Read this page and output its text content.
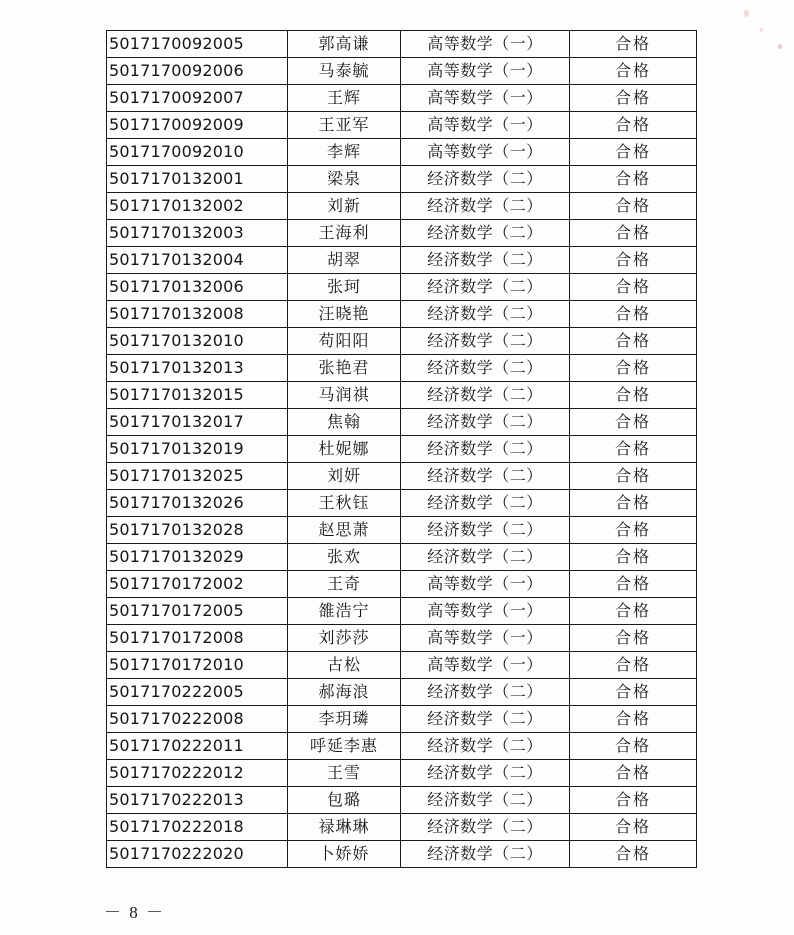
5017170092005	郭高谦	高等数学（一）	合格
5017170092006	马泰毓	高等数学（一）	合格
5017170092007	王辉	高等数学（一）	合格
5017170092009	王亚军	高等数学（一）	合格
5017170092010	李辉	高等数学（一）	合格
5017170132001	梁泉	经济数学（二）	合格
5017170132002	刘新	经济数学（二）	合格
5017170132003	王海利	经济数学（二）	合格
5017170132004	胡翠	经济数学（二）	合格
5017170132006	张珂	经济数学（二）	合格
5017170132008	汪晓艳	经济数学（二）	合格
5017170132010	苟阳阳	经济数学（二）	合格
5017170132013	张艳君	经济数学（二）	合格
5017170132015	马润祺	经济数学（二）	合格
5017170132017	焦翰	经济数学（二）	合格
5017170132019	杜妮娜	经济数学（二）	合格
5017170132025	刘妍	经济数学（二）	合格
5017170132026	王秋钰	经济数学（二）	合格
5017170132028	赵思萧	经济数学（二）	合格
5017170132029	张欢	经济数学（二）	合格
5017170172002	王奇	高等数学（一）	合格
5017170172005	雒浩宁	高等数学（一）	合格
5017170172008	刘莎莎	高等数学（一）	合格
5017170172010	古松	高等数学（一）	合格
5017170222005	郝海浪	经济数学（二）	合格
5017170222008	李玥璘	经济数学（二）	合格
5017170222011	呼延李惠	经济数学（二）	合格
5017170222012	王雪	经济数学（二）	合格
5017170222013	包璐	经济数学（二）	合格
5017170222018	禄琳琳	经济数学（二）	合格
5017170222020	卜娇娇	经济数学（二）	合格
－ 8 －
